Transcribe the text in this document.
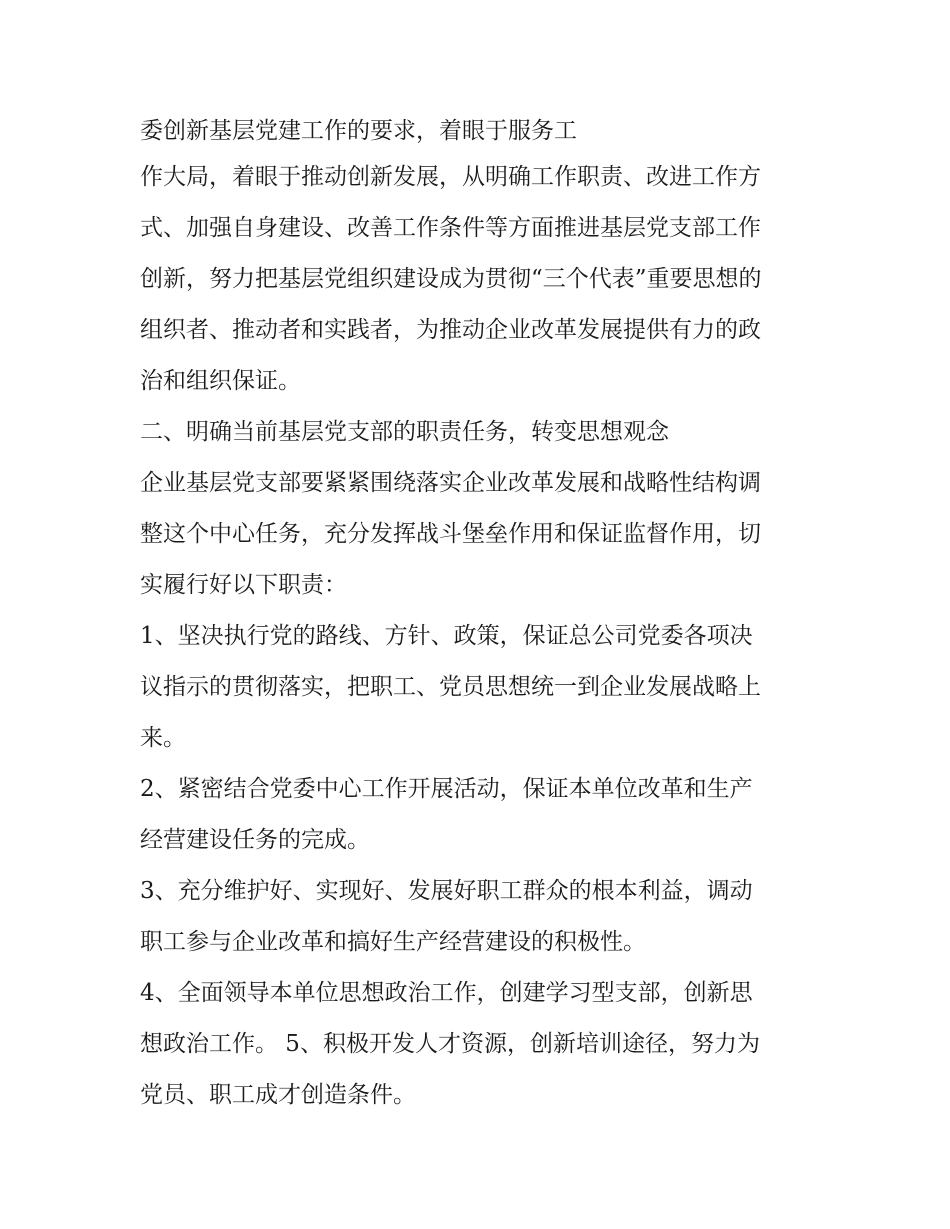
委创新基层党建工作的要求，着眼于服务工
作大局，着眼于推动创新发展，从明确工作职责、改进工作方
式、加强自身建设、改善工作条件等方面推进基层党支部工作
创新，努力把基层党组织建设成为贯彻“三个代表”重要思想的
组织者、推动者和实践者，为推动企业改革发展提供有力的政
治和组织保证。
二、明确当前基层党支部的职责任务，转变思想观念
企业基层党支部要紧紧围绕落实企业改革发展和战略性结构调
整这个中心任务，充分发挥战斗堡垒作用和保证监督作用，切
实履行好以下职责：
1、坚决执行党的路线、方针、政策，保证总公司党委各项决
议指示的贯彻落实，把职工、党员思想统一到企业发展战略上
来。
2、紧密结合党委中心工作开展活动，保证本单位改革和生产
经营建设任务的完成。
3、充分维护好、实现好、发展好职工群众的根本利益，调动
职工参与企业改革和搞好生产经营建设的积极性。
4、全面领导本单位思想政治工作，创建学习型支部，创新思
想政治工作。 5、积极开发人才资源，创新培训途径，努力为
党员、职工成才创造条件。
